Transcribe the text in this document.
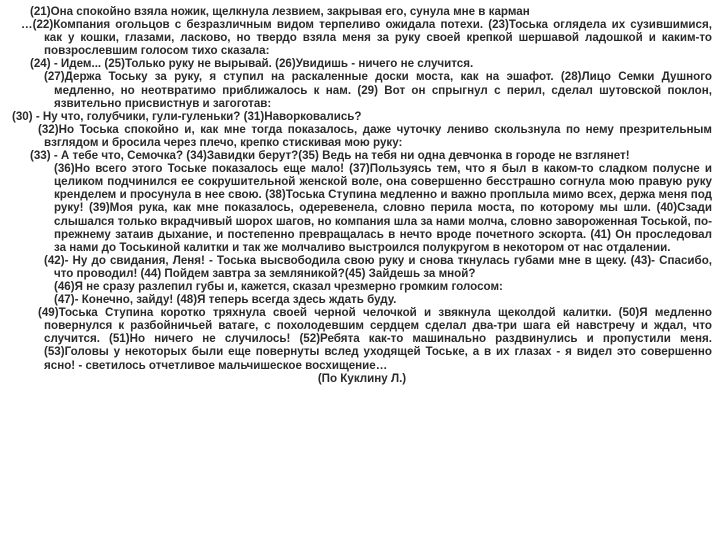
(21)Она спокойно взяла ножик, щелкнула лезвием, закрывая его, сунула мне в карман

…(22)Компания огольцов с безразличным видом терпеливо ожидала потехи. (23)Тоська оглядела их сузившимися, как у кошки, глазами, ласково, но твердо взяла меня за руку своей крепкой шершавой ладошкой и каким-то повзрослевшим голосом тихо сказала:

(24) - Идем... (25)Только руку не вырывай. (26)Увидишь - ничего не случится.

(27)Держа Тоську за руку, я ступил на раскаленные доски моста, как на эшафот. (28)Лицо Семки Душного медленно, но неотвратимо приближалось к нам. (29) Вот он спрыгнул с перил, сделал шутовской поклон, язвительно присвистнув и загоготав:

(30) - Ну что, голубчики, гули-гуленьки? (31)Наворковались?

(32)Но Тоська спокойно и, как мне тогда показалось, даже чуточку лениво скользнула по нему презрительным взглядом и бросила через плечо, крепко стискивая мою руку:

(33) - А тебе что, Семочка? (34)Завидки берут?(35) Ведь на тебя ни одна девчонка в городе не взглянет!

(36)Но всего этого Тоське показалось еще мало! (37)Пользуясь тем, что я был в каком-то сладком полусне и целиком подчинился ее сокрушительной женской воле, она совершенно бесстрашно согнула мою правую руку кренделем и просунула в нее свою. (38)Тоська Ступина медленно и важно проплыла мимо всех, держа меня под руку! (39)Моя рука, как мне показалось, одеревенела, словно перила моста, по которому мы шли. (40)Сзади слышался только вкрадчивый шорох шагов, но компания шла за нами молча, словно завороженная Тоськой, по-прежнему затаив дыхание, и постепенно превращалась в нечто вроде почетного эскорта. (41) Он проследовал за нами до Тоськиной калитки и так же молчаливо выстроился полукругом в некотором от нас отдалении.

(42)- Ну до свидания, Леня! - Тоська высвободила свою руку и снова ткнулась губами мне в щеку. (43)- Спасибо, что проводил! (44) Пойдем завтра за земляникой?(45) Зайдешь за мной?

(46)Я не сразу разлепил губы и, кажется, сказал чрезмерно громким голосом:

(47)- Конечно, зайду! (48)Я теперь всегда здесь ждать буду.

(49)Тоська Ступина коротко тряхнула своей черной челочкой и звякнула щеколдой калитки. (50)Я медленно повернулся к разбойничьей ватаге, с похолодевшим сердцем сделал два-три шага ей навстречу и ждал, что случится. (51)Но ничего не случилось! (52)Ребята как-то машинально раздвинулись и пропустили меня. (53)Головы у некоторых были еще повернуты вслед уходящей Тоське, а в их глазах - я видел это совершенно ясно! - светилось отчетливое мальчишеское восхищение…

(По Куклину Л.)
